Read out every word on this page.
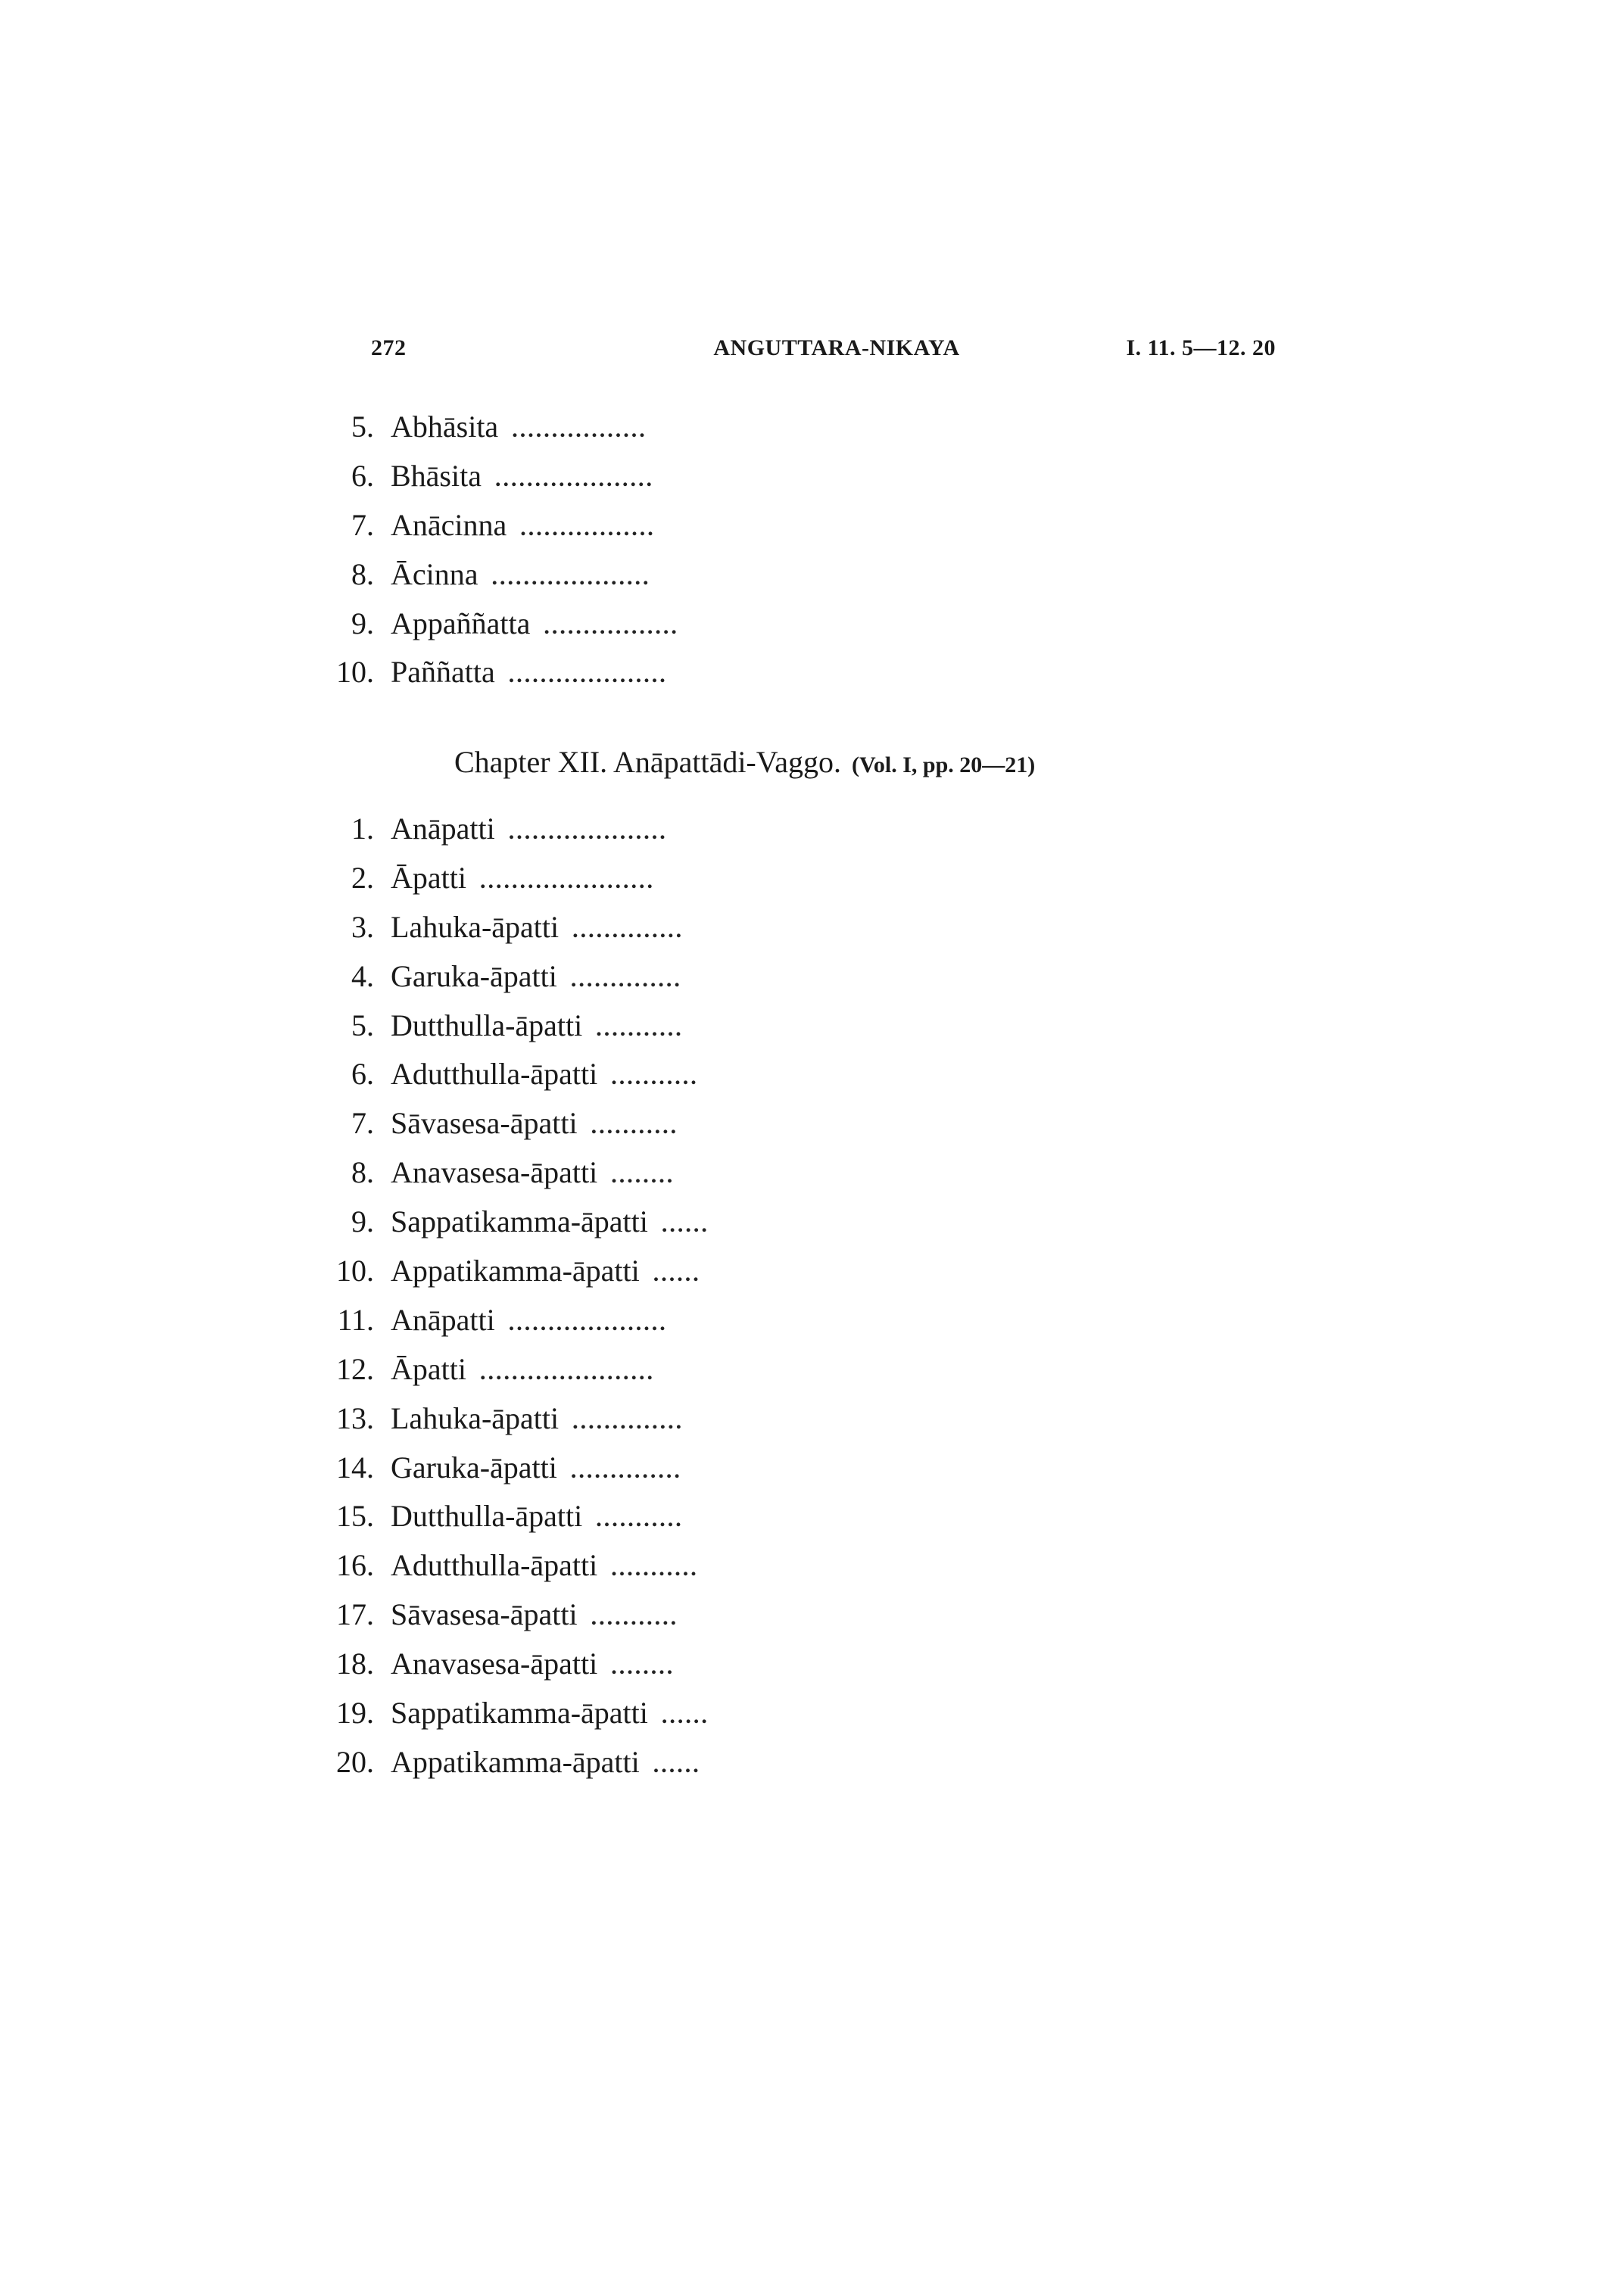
272	ANGUTTARA-NIKAYA	I. 11. 5—12. 20
5. Abhāsita .................
6. Bhāsita ....................
7. Anācinna .................
8. Ācinna ....................
9. Appaññatta .................
10. Paññatta ....................
Chapter XII. Anāpattādi-Vaggo. (Vol. I, pp. 20—21)
1. Anāpatti ....................
2. Āpatti ......................
3. Lahuka-āpatti ..............
4. Garuka-āpatti ..............
5. Dutthulla-āpatti ...........
6. Adutthulla-āpatti ...........
7. Sāvasesa-āpatti ...........
8. Anavasesa-āpatti ........
9. Sappatikamma-āpatti ......
10. Appatikamma-āpatti ......
11. Anāpatti ....................
12. Āpatti ......................
13. Lahuka-āpatti ..............
14. Garuka-āpatti ..............
15. Dutthulla-āpatti ...........
16. Adutthulla-āpatti ...........
17. Sāvasesa-āpatti ...........
18. Anavasesa-āpatti ........
19. Sappatikamma-āpatti ......
20. Appatikamma-āpatti ......
